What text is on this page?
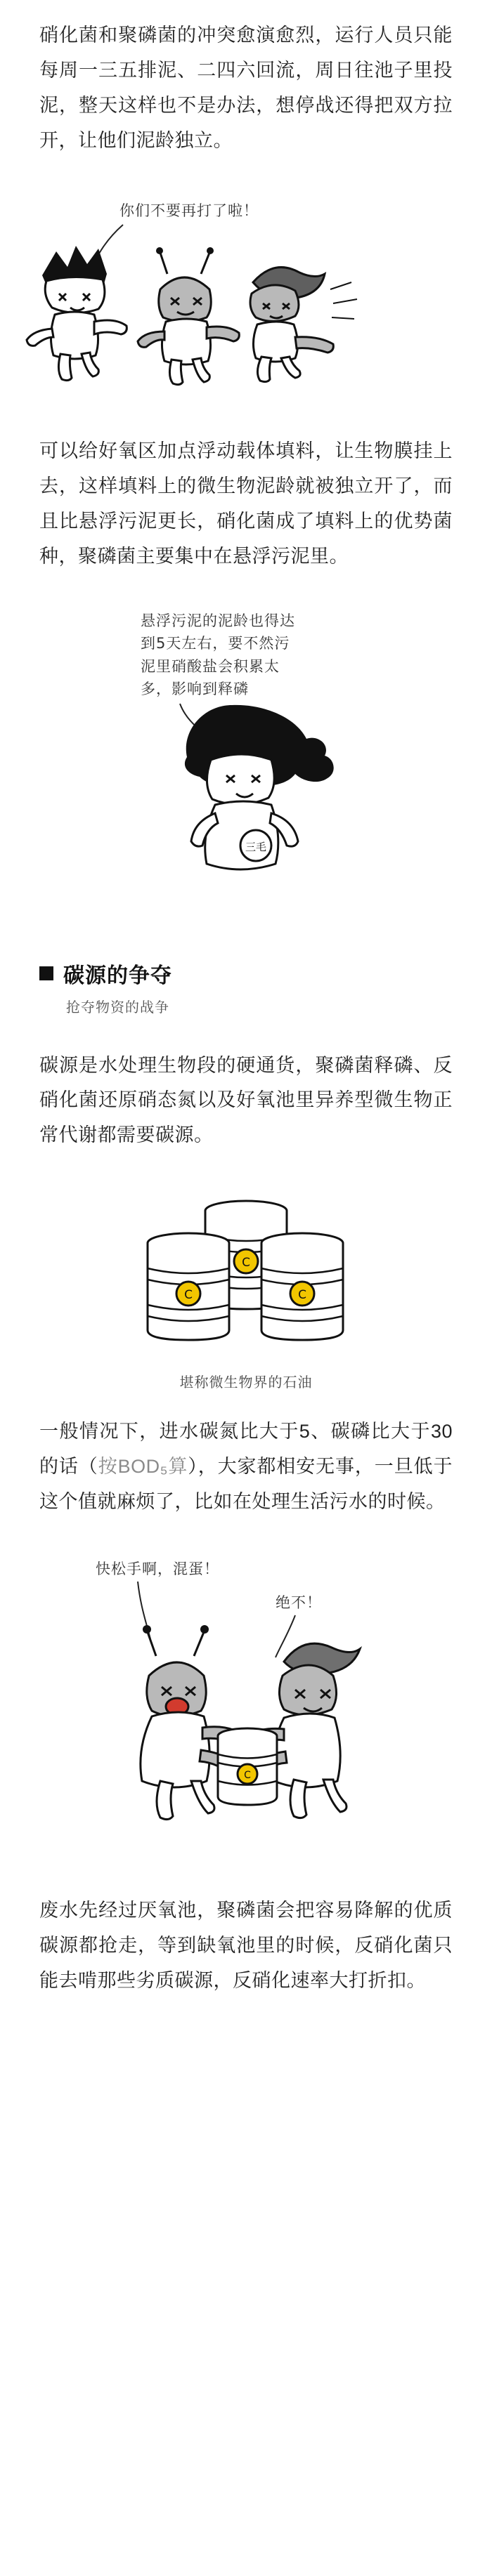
硝化菌和聚磷菌的冲突愈演愈烈，运行人员只能每周一三五排泥、二四六回流，周日往池子里投泥，整天这样也不是办法，想停战还得把双方拉开，让他们泥龄独立。
你们不要再打了啦！
可以给好氧区加点浮动载体填料，让生物膜挂上去，这样填料上的微生物泥龄就被独立开了，而且比悬浮污泥更长，硝化菌成了填料上的优势菌种，聚磷菌主要集中在悬浮污泥里。
悬浮污泥的泥龄也得达
到5天左右，要不然污
泥里硝酸盐会积累太
多，影响到释磷
三毛
碳源的争夺
抢夺物资的战争
碳源是水处理生物段的硬通货，聚磷菌释磷、反硝化菌还原硝态氮以及好氧池里异养型微生物正常代谢都需要碳源。
C
C	C
堪称微生物界的石油
一般情况下，进水碳氮比大于5、碳磷比大于30的话（按BOD₅算），大家都相安无事，一旦低于这个值就麻烦了，比如在处理生活污水的时候。
快松手啊，混蛋！
绝不！
C
废水先经过厌氧池，聚磷菌会把容易降解的优质碳源都抢走，等到缺氧池里的时候，反硝化菌只能去啃那些劣质碳源，反硝化速率大打折扣。
